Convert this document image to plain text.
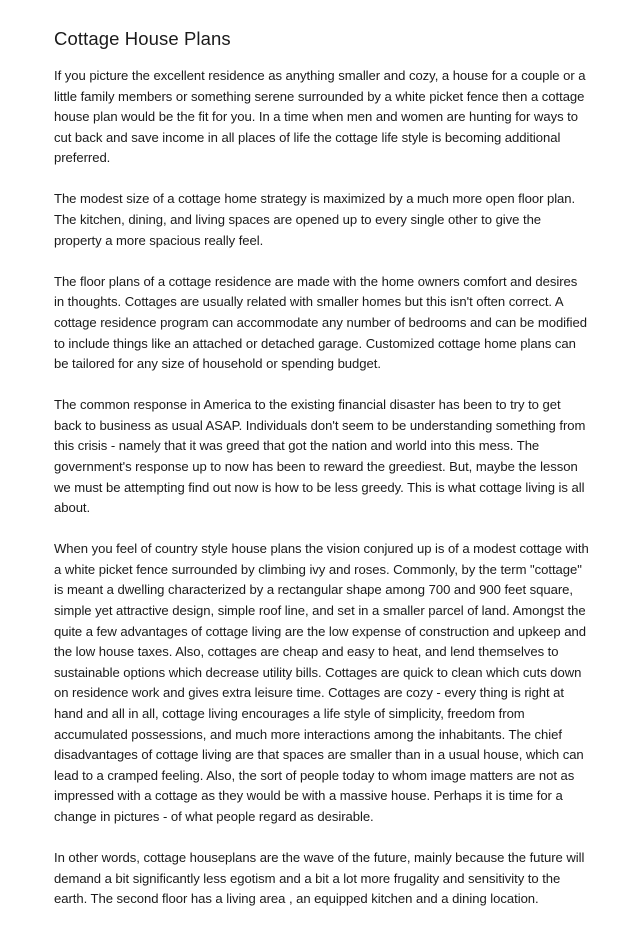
Cottage House Plans

If you picture the excellent residence as anything smaller and cozy, a house for a couple or a little family members or something serene surrounded by a white picket fence then a cottage house plan would be the fit for you. In a time when men and women are hunting for ways to cut back and save income in all places of life the cottage life style is becoming additional preferred.

The modest size of a cottage home strategy is maximized by a much more open floor plan. The kitchen, dining, and living spaces are opened up to every single other to give the property a more spacious really feel.

The floor plans of a cottage residence are made with the home owners comfort and desires in thoughts. Cottages are usually related with smaller homes but this isn't often correct. A cottage residence program can accommodate any number of bedrooms and can be modified to include things like an attached or detached garage. Customized cottage home plans can be tailored for any size of household or spending budget.

The common response in America to the existing financial disaster has been to try to get back to business as usual ASAP. Individuals don't seem to be understanding something from this crisis - namely that it was greed that got the nation and world into this mess. The government's response up to now has been to reward the greediest. But, maybe the lesson we must be attempting find out now is how to be less greedy. This is what cottage living is all about.

When you feel of country style house plans the vision conjured up is of a modest cottage with a white picket fence surrounded by climbing ivy and roses. Commonly, by the term "cottage" is meant a dwelling characterized by a rectangular shape among 700 and 900 feet square, simple yet attractive design, simple roof line, and set in a smaller parcel of land. Amongst the quite a few advantages of cottage living are the low expense of construction and upkeep and the low house taxes. Also, cottages are cheap and easy to heat, and lend themselves to sustainable options which decrease utility bills. Cottages are quick to clean which cuts down on residence work and gives extra leisure time. Cottages are cozy - every thing is right at hand and all in all, cottage living encourages a life style of simplicity, freedom from accumulated possessions, and much more interactions among the inhabitants. The chief disadvantages of cottage living are that spaces are smaller than in a usual house, which can lead to a cramped feeling. Also, the sort of people today to whom image matters are not as impressed with a cottage as they would be with a massive house. Perhaps it is time for a change in pictures - of what people regard as desirable.

In other words, cottage houseplans are the wave of the future, mainly because the future will demand a bit significantly less egotism and a bit a lot more frugality and sensitivity to the earth. The second floor has a living area , an equipped kitchen and a dining location.
